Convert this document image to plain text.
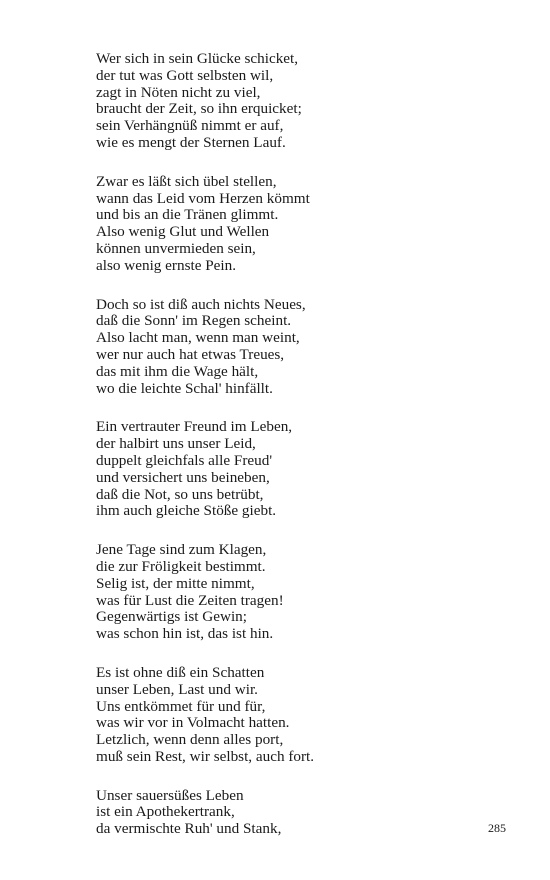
Wer sich in sein Glücke schicket,
der tut was Gott selbsten wil,
zagt in Nöten nicht zu viel,
braucht der Zeit, so ihn erquicket;
sein Verhängnüß nimmt er auf,
wie es mengt der Sternen Lauf.
Zwar es läßt sich übel stellen,
wann das Leid vom Herzen kömmt
und bis an die Tränen glimmt.
Also wenig Glut und Wellen
können unvermieden sein,
also wenig ernste Pein.
Doch so ist diß auch nichts Neues,
daß die Sonn' im Regen scheint.
Also lacht man, wenn man weint,
wer nur auch hat etwas Treues,
das mit ihm die Wage hält,
wo die leichte Schal' hinfällt.
Ein vertrauter Freund im Leben,
der halbirt uns unser Leid,
duppelt gleichfals alle Freud'
und versichert uns beineben,
daß die Not, so uns betrübt,
ihm auch gleiche Stöße giebt.
Jene Tage sind zum Klagen,
die zur Fröligkeit bestimmt.
Selig ist, der mitte nimmt,
was für Lust die Zeiten tragen!
Gegenwärtigs ist Gewin;
was schon hin ist, das ist hin.
Es ist ohne diß ein Schatten
unser Leben, Last und wir.
Uns entkömmet für und für,
was wir vor in Volmacht hatten.
Letzlich, wenn denn alles port,
muß sein Rest, wir selbst, auch fort.
Unser sauersüßes Leben
ist ein Apothekertrank,
da vermischte Ruh' und Stank,	285
